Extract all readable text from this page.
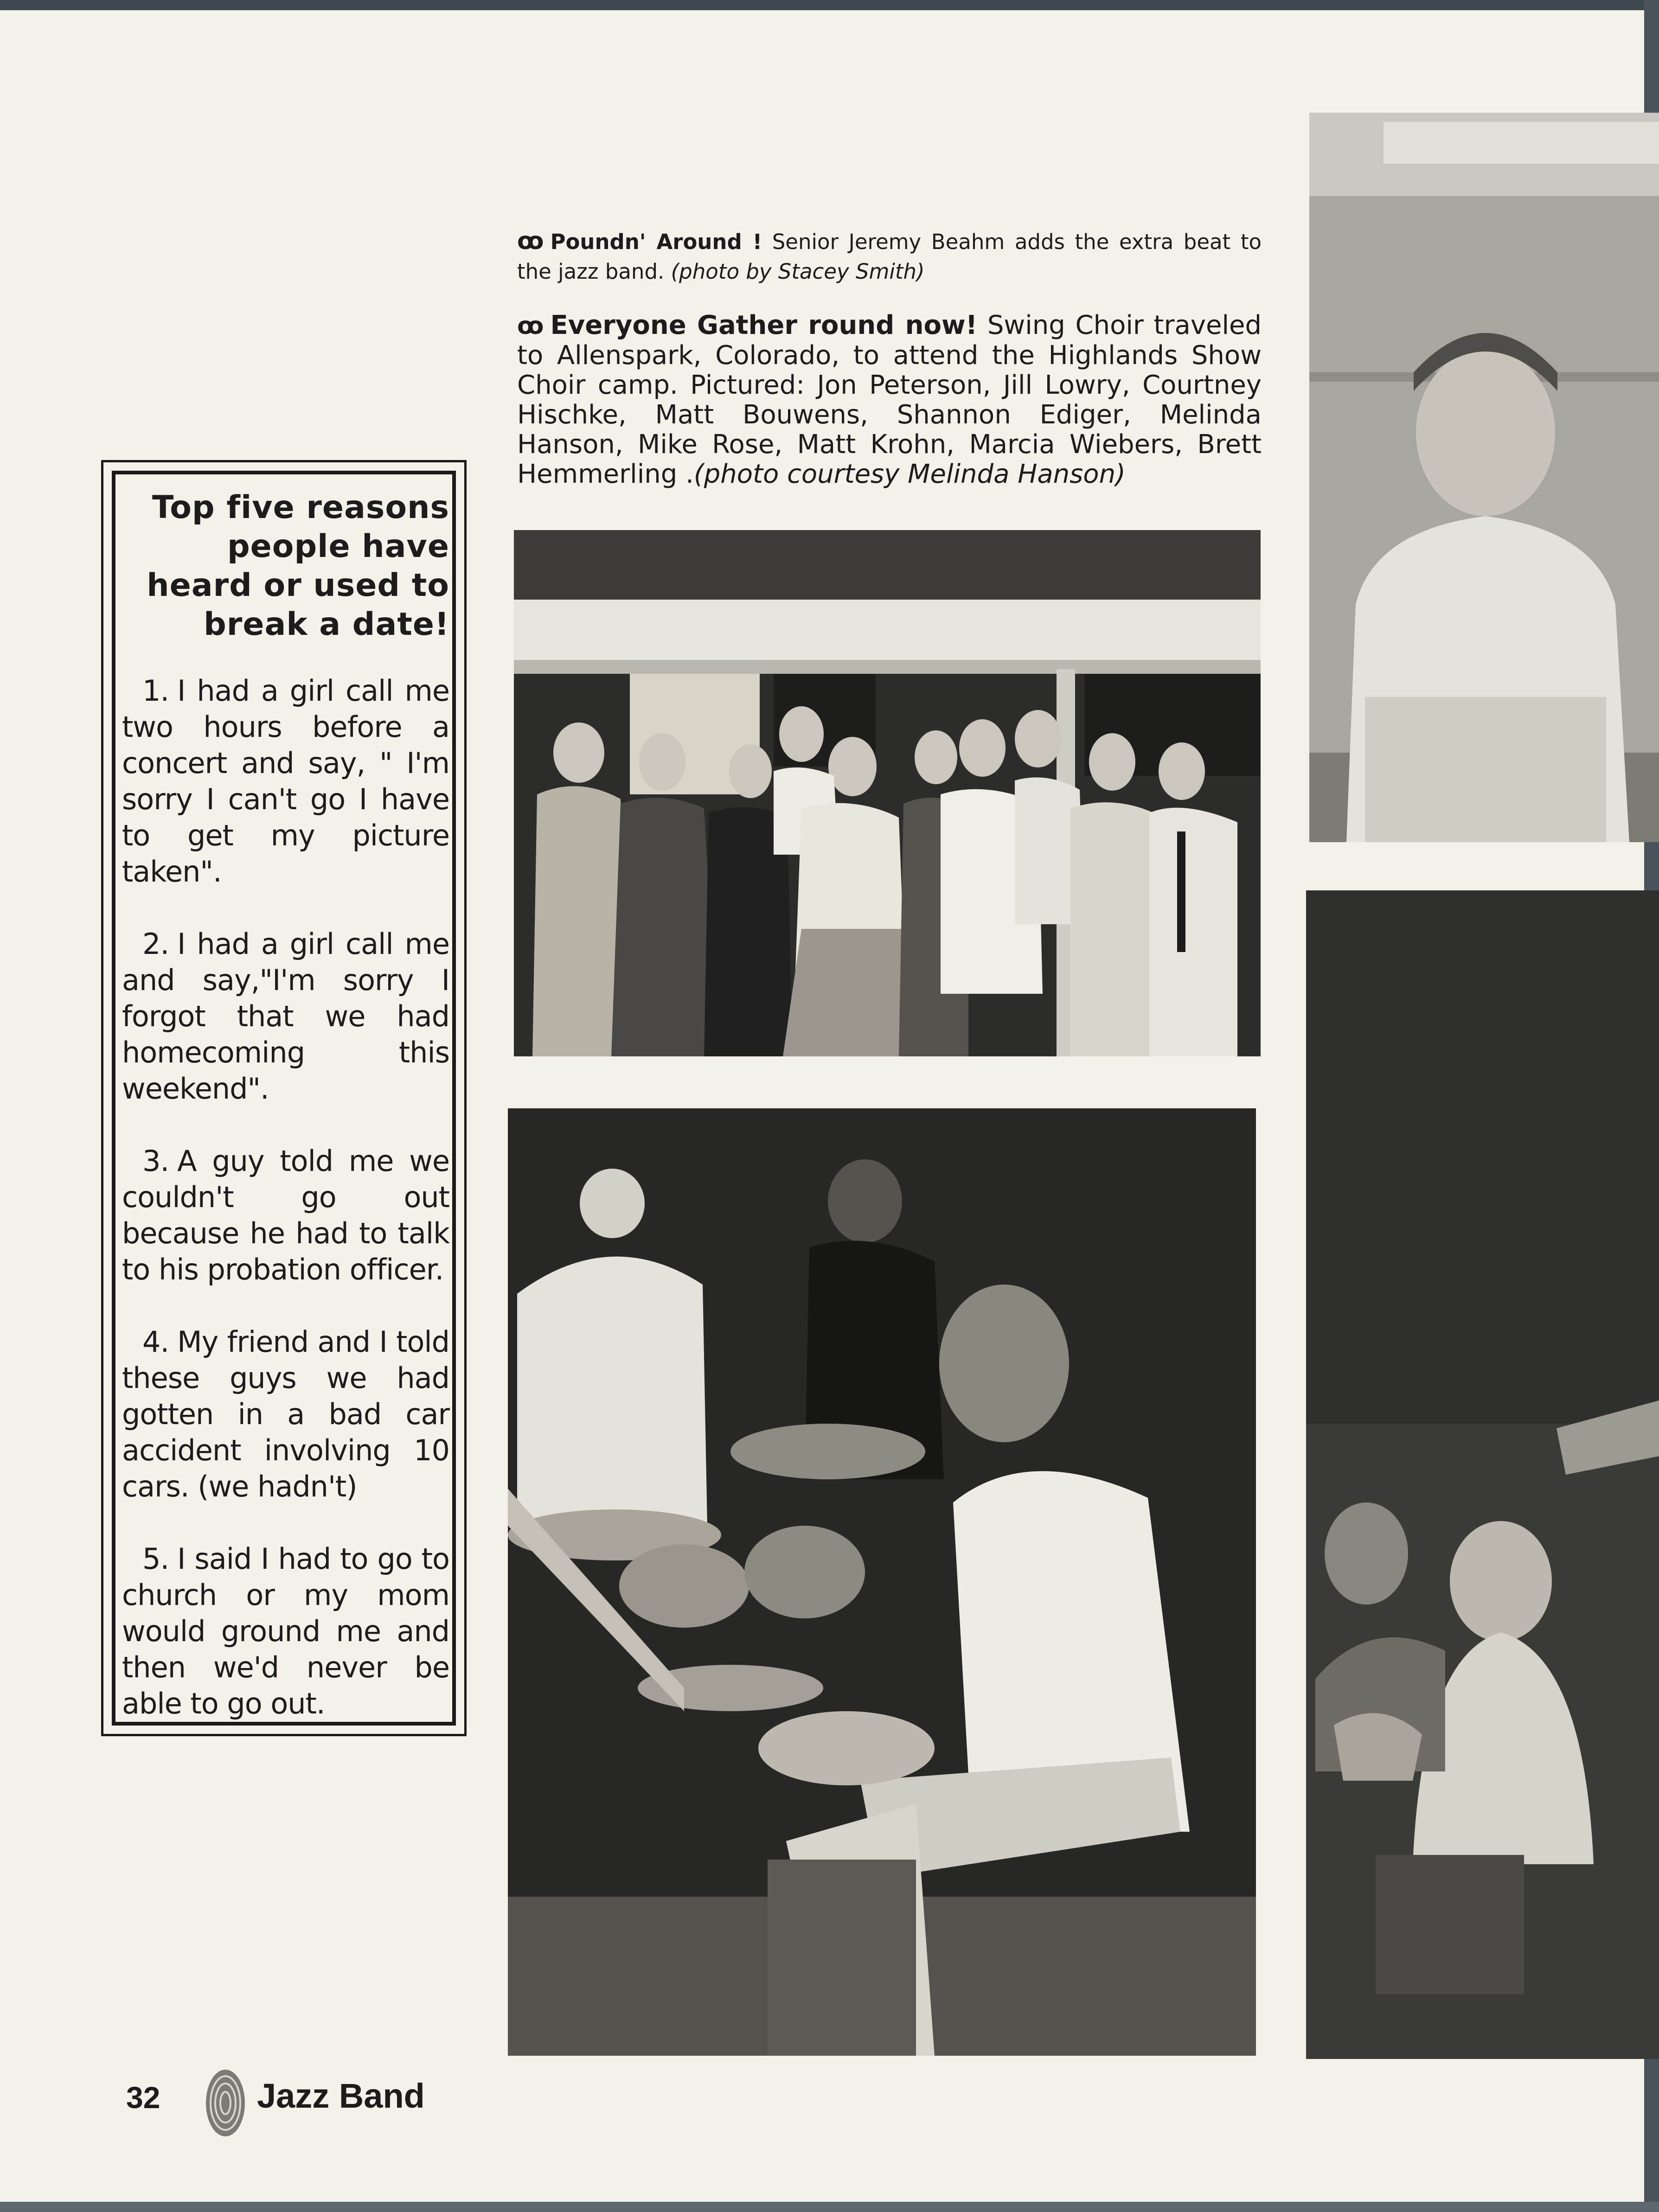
ꝏ Poundn' Around ! Senior Jeremy Beahm adds the extra beat to the jazz band. (photo by Stacey Smith)
ꝏ Everyone Gather round now! Swing Choir traveled to Allenspark, Colorado, to attend the Highlands Show Choir camp. Pictured: Jon Peterson, Jill Lowry, Courtney Hischke, Matt Bouwens, Shannon Ediger, Melinda Hanson, Mike Rose, Matt Krohn, Marcia Wiebers, Brett Hemmerling .(photo courtesy Melinda Hanson)
Top five reasons people have heard or used to break a date!

1. I had a girl call me two hours before a concert and say, " I'm sorry I can't go I have to get my picture taken".

2. I had a girl call me and say,"I'm sorry I forgot that we had homecoming this weekend".

3. A guy told me we couldn't go out because he had to talk to his probation officer.

4. My friend and I told these guys we had gotten in a bad car accident involving 10 cars. (we hadn't)

5. I said I had to go to church or my mom would ground me and then we'd never be able to go out.

32	Jazz Band
